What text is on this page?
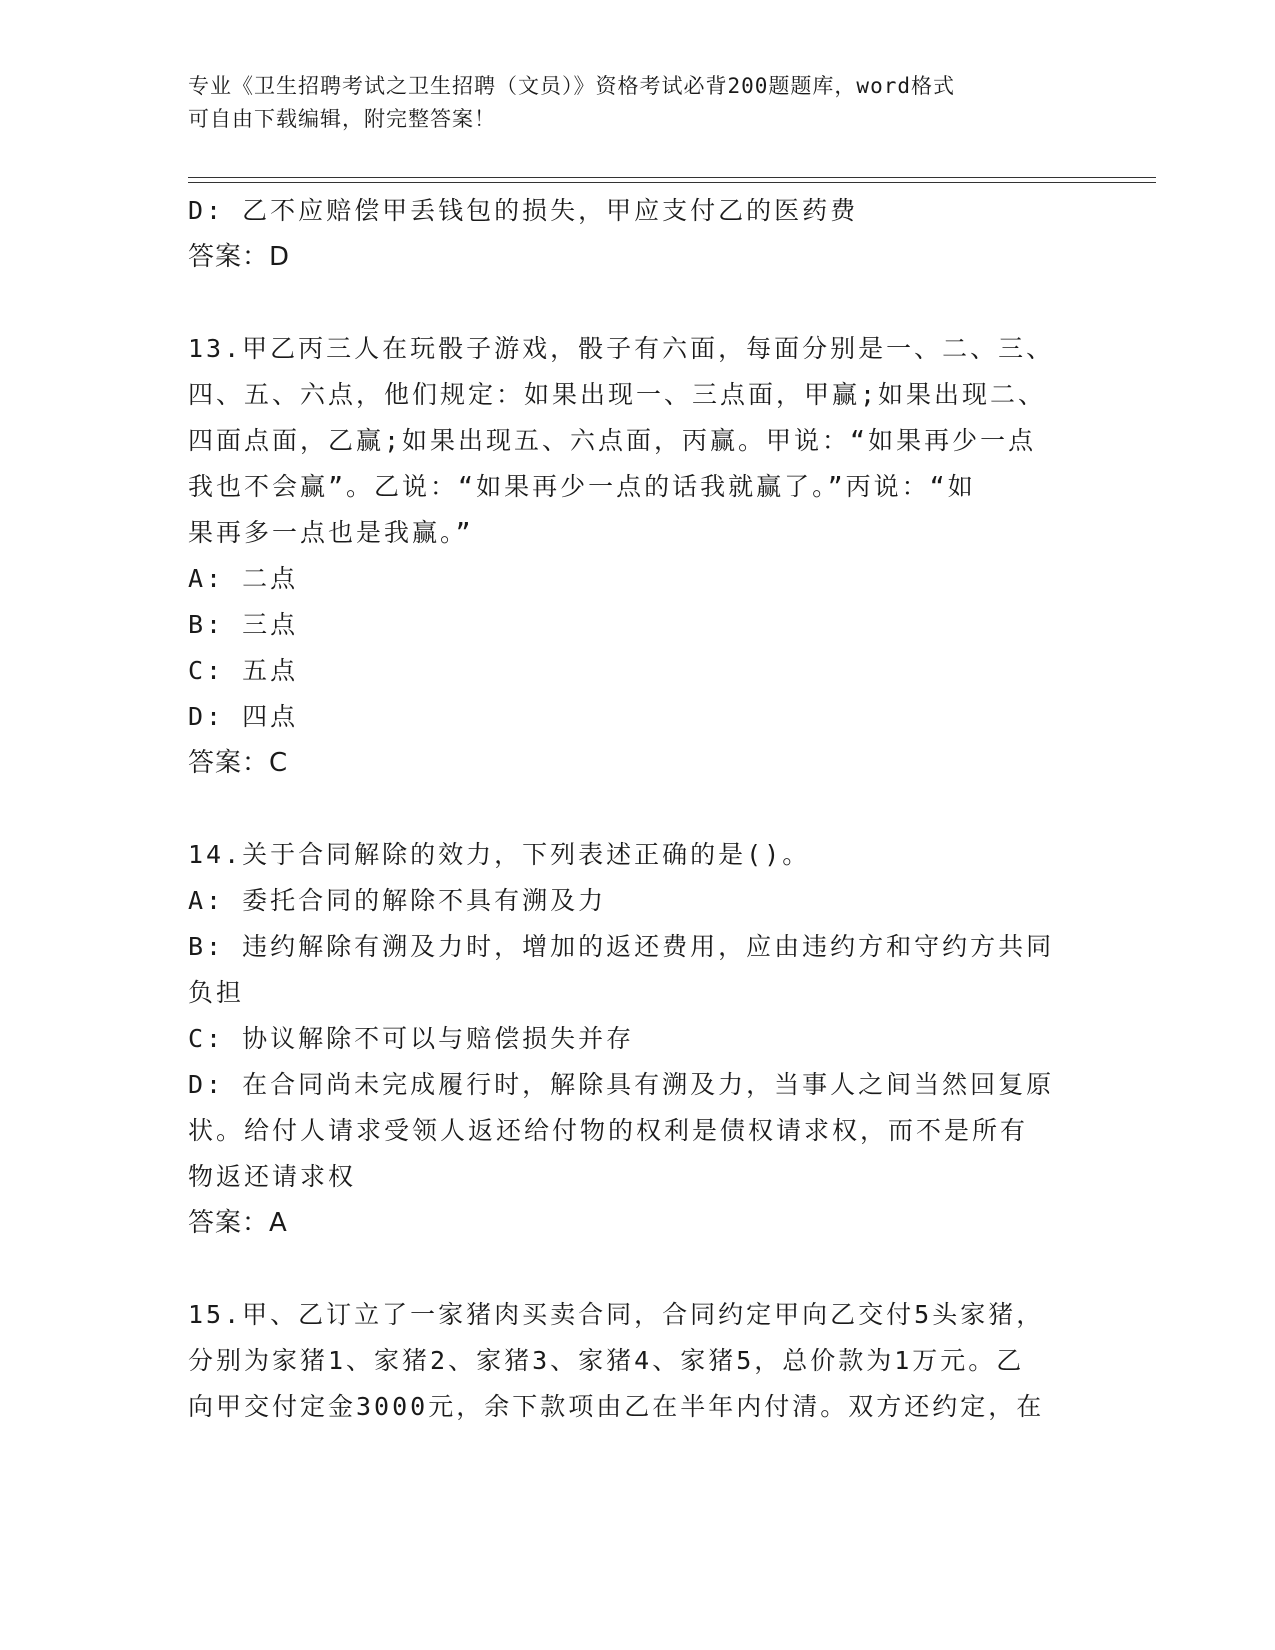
专业《卫生招聘考试之卫生招聘（文员）》资格考试必背200题题库，word格式

可自由下载编辑，附完整答案！

D: 乙不应赔偿甲丢钱包的损失，甲应支付乙的医药费

答案：D

13.甲乙丙三人在玩骰子游戏，骰子有六面，每面分别是一、二、三、

四、五、六点，他们规定：如果出现一、三点面，甲赢;如果出现二、

四面点面，乙赢;如果出现五、六点面，丙赢。甲说：“如果再少一点

我也不会赢”。乙说：“如果再少一点的话我就赢了。”丙说：“如

果再多一点也是我赢。”

A: 二点

B: 三点

C: 五点

D: 四点

答案：C

14.关于合同解除的效力，下列表述正确的是()。

A: 委托合同的解除不具有溯及力

B: 违约解除有溯及力时，增加的返还费用，应由违约方和守约方共同

负担

C: 协议解除不可以与赔偿损失并存

D: 在合同尚未完成履行时，解除具有溯及力，当事人之间当然回复原

状。给付人请求受领人返还给付物的权利是债权请求权，而不是所有

物返还请求权

答案：A

15.甲、乙订立了一家猪肉买卖合同，合同约定甲向乙交付5头家猪，

分别为家猪1、家猪2、家猪3、家猪4、家猪5，总价款为1万元。乙

向甲交付定金3000元，余下款项由乙在半年内付清。双方还约定，在
